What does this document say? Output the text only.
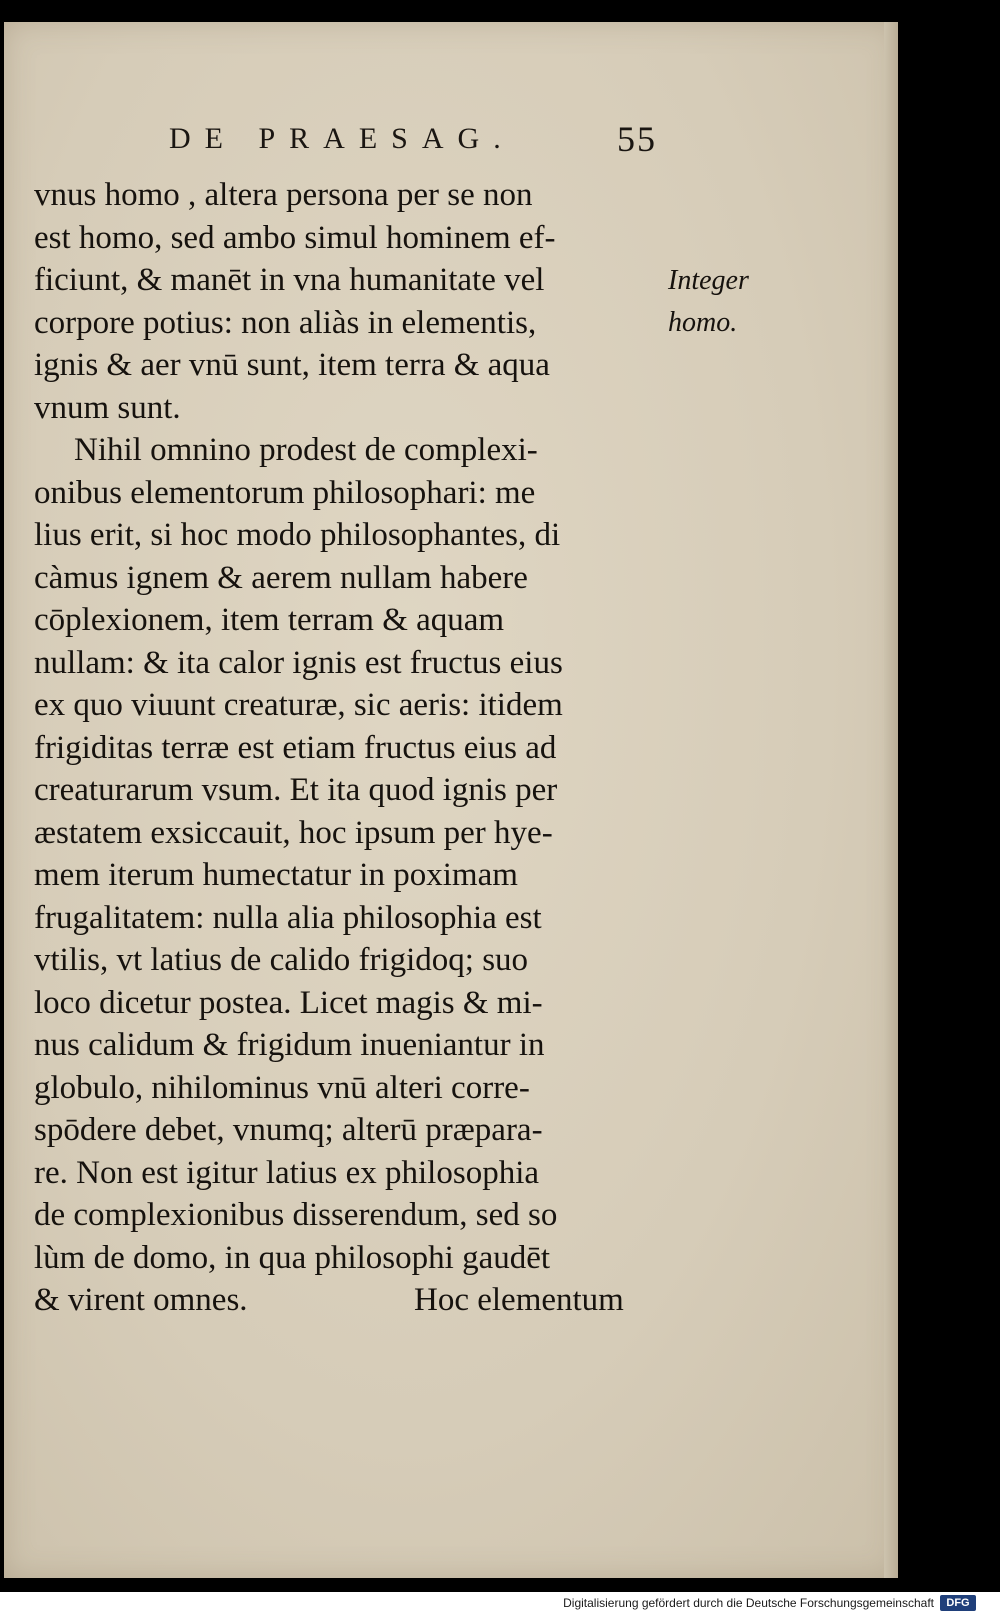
DE PRAESAG.	55
vnus homo , altera persona per se non
est homo, sed ambo simul hominem ef-
ficiunt, & manēt in vna humanitate vel
corpore potius: non aliàs in elementis,
ignis & aer vnū sunt, item terra & aqua
vnum sunt.
Nihil omnino prodest de complexi-
onibus elementorum philosophari: me
lius erit, si hoc modo philosophantes, di
càmus ignem & aerem nullam habere
cōplexionem, item terram & aquam
nullam: & ita calor ignis est fructus eius
ex quo viuunt creaturæ, sic aeris: itidem
frigiditas terræ est etiam fructus eius ad
creaturarum vsum. Et ita quod ignis per
æstatem exsiccauit, hoc ipsum per hye-
mem iterum humectatur in poximam
frugalitatem: nulla alia philosophia est
vtilis, vt latius de calido frigidoq; suo
loco dicetur postea. Licet magis & mi-
nus calidum & frigidum inueniantur in
globulo, nihilominus vnū alteri corre-
spōdere debet, vnumq; alterū præpara-
re. Non est igitur latius ex philosophia
de complexionibus disserendum, sed so
lùm de domo, in qua philosophi gaudēt
& virent omnes.	Hoc elementum
Integer
homo.
Digitalisierung gefördert durch die Deutsche Forschungsgemeinschaft	DFG
